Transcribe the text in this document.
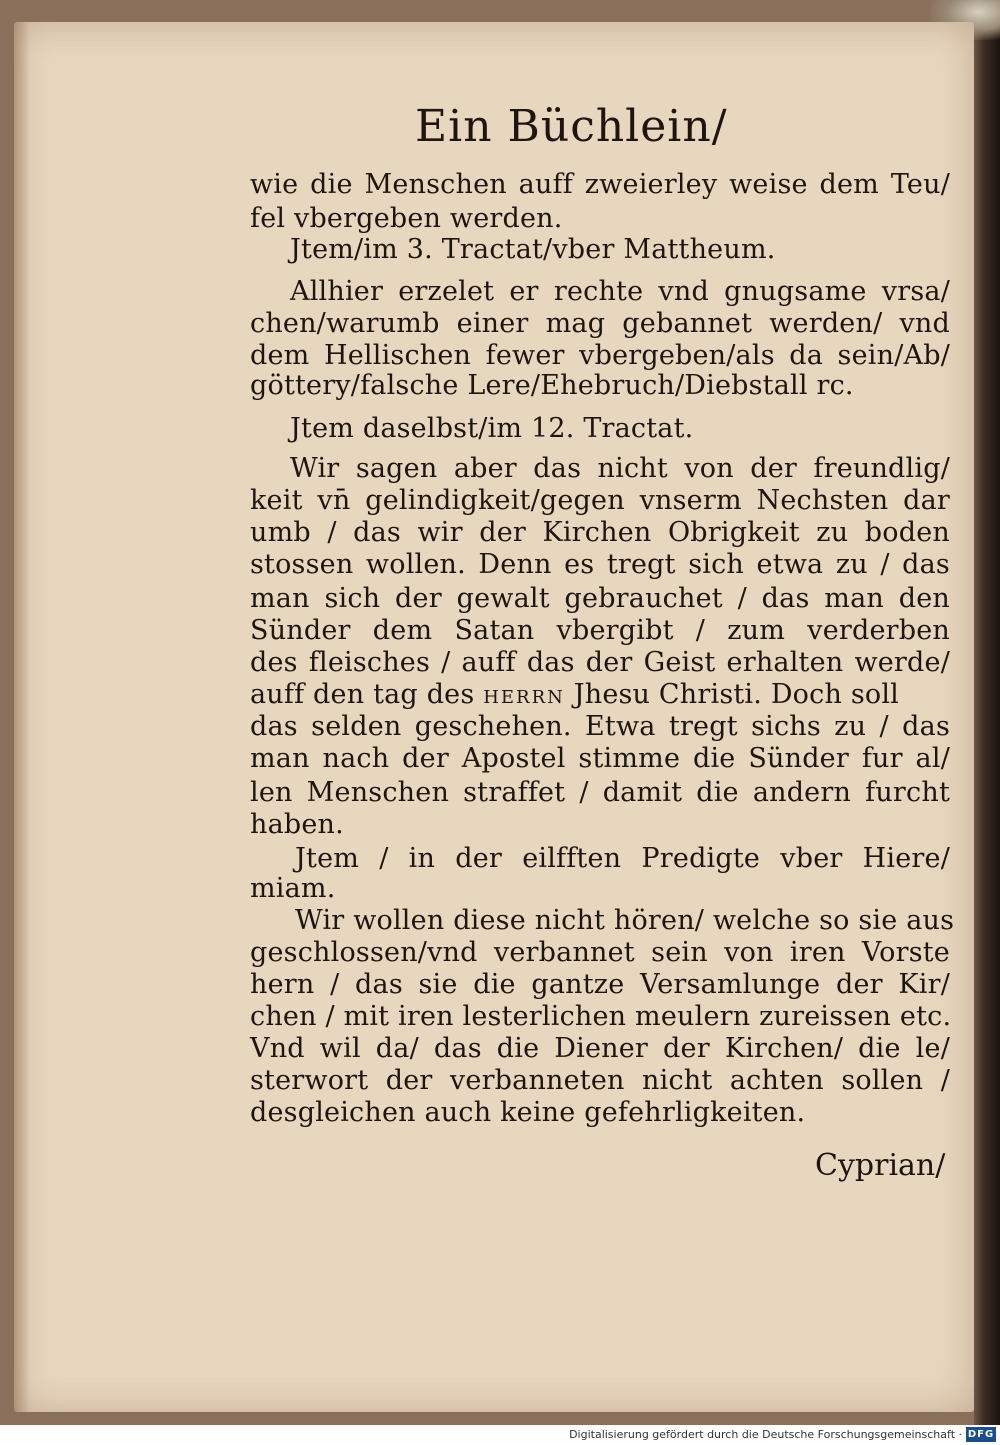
Ein Büchlein/
wie die Menschen auff zweierley weise dem Teu/
fel vbergeben werden.
Jtem/im 3. Tractat/vber Mattheum.
Allhier erzelet er rechte vnd gnugsame vrsa/
chen/warumb einer mag gebannet werden/ vnd
dem Hellischen fewer vbergeben/als da sein/Ab/
göttery/falsche Lere/Ehebruch/Diebstall rc.
Jtem daselbst/im 12. Tractat.
Wir sagen aber das nicht von der freundlig/
keit vn̄ gelindigkeit/gegen vnserm Nechsten dar
umb / das wir der Kirchen Obrigkeit zu boden
stossen wollen. Denn es tregt sich etwa zu / das
man sich der gewalt gebrauchet / das man den
Sünder dem Satan vbergibt / zum verderben
des fleisches / auff das der Geist erhalten werde/
auff den tag des HERRN Jhesu Christi. Doch soll
das selden geschehen. Etwa tregt sichs zu / das
man nach der Apostel stimme die Sünder fur al/
len Menschen straffet / damit die andern furcht
haben.
Jtem / in der eilfften Predigte vber Hiere/
miam.
Wir wollen diese nicht hören/ welche so sie aus
geschlossen/vnd verbannet sein von iren Vorste
hern / das sie die gantze Versamlunge der Kir/
chen / mit iren lesterlichen meulern zureissen etc.
Vnd wil da/ das die Diener der Kirchen/ die le/
sterwort der verbanneten nicht achten sollen /
desgleichen auch keine gefehrligkeiten.
Cyprian/
Digitalisierung gefördert durch die Deutsche Forschungsgemeinschaft · DFG
